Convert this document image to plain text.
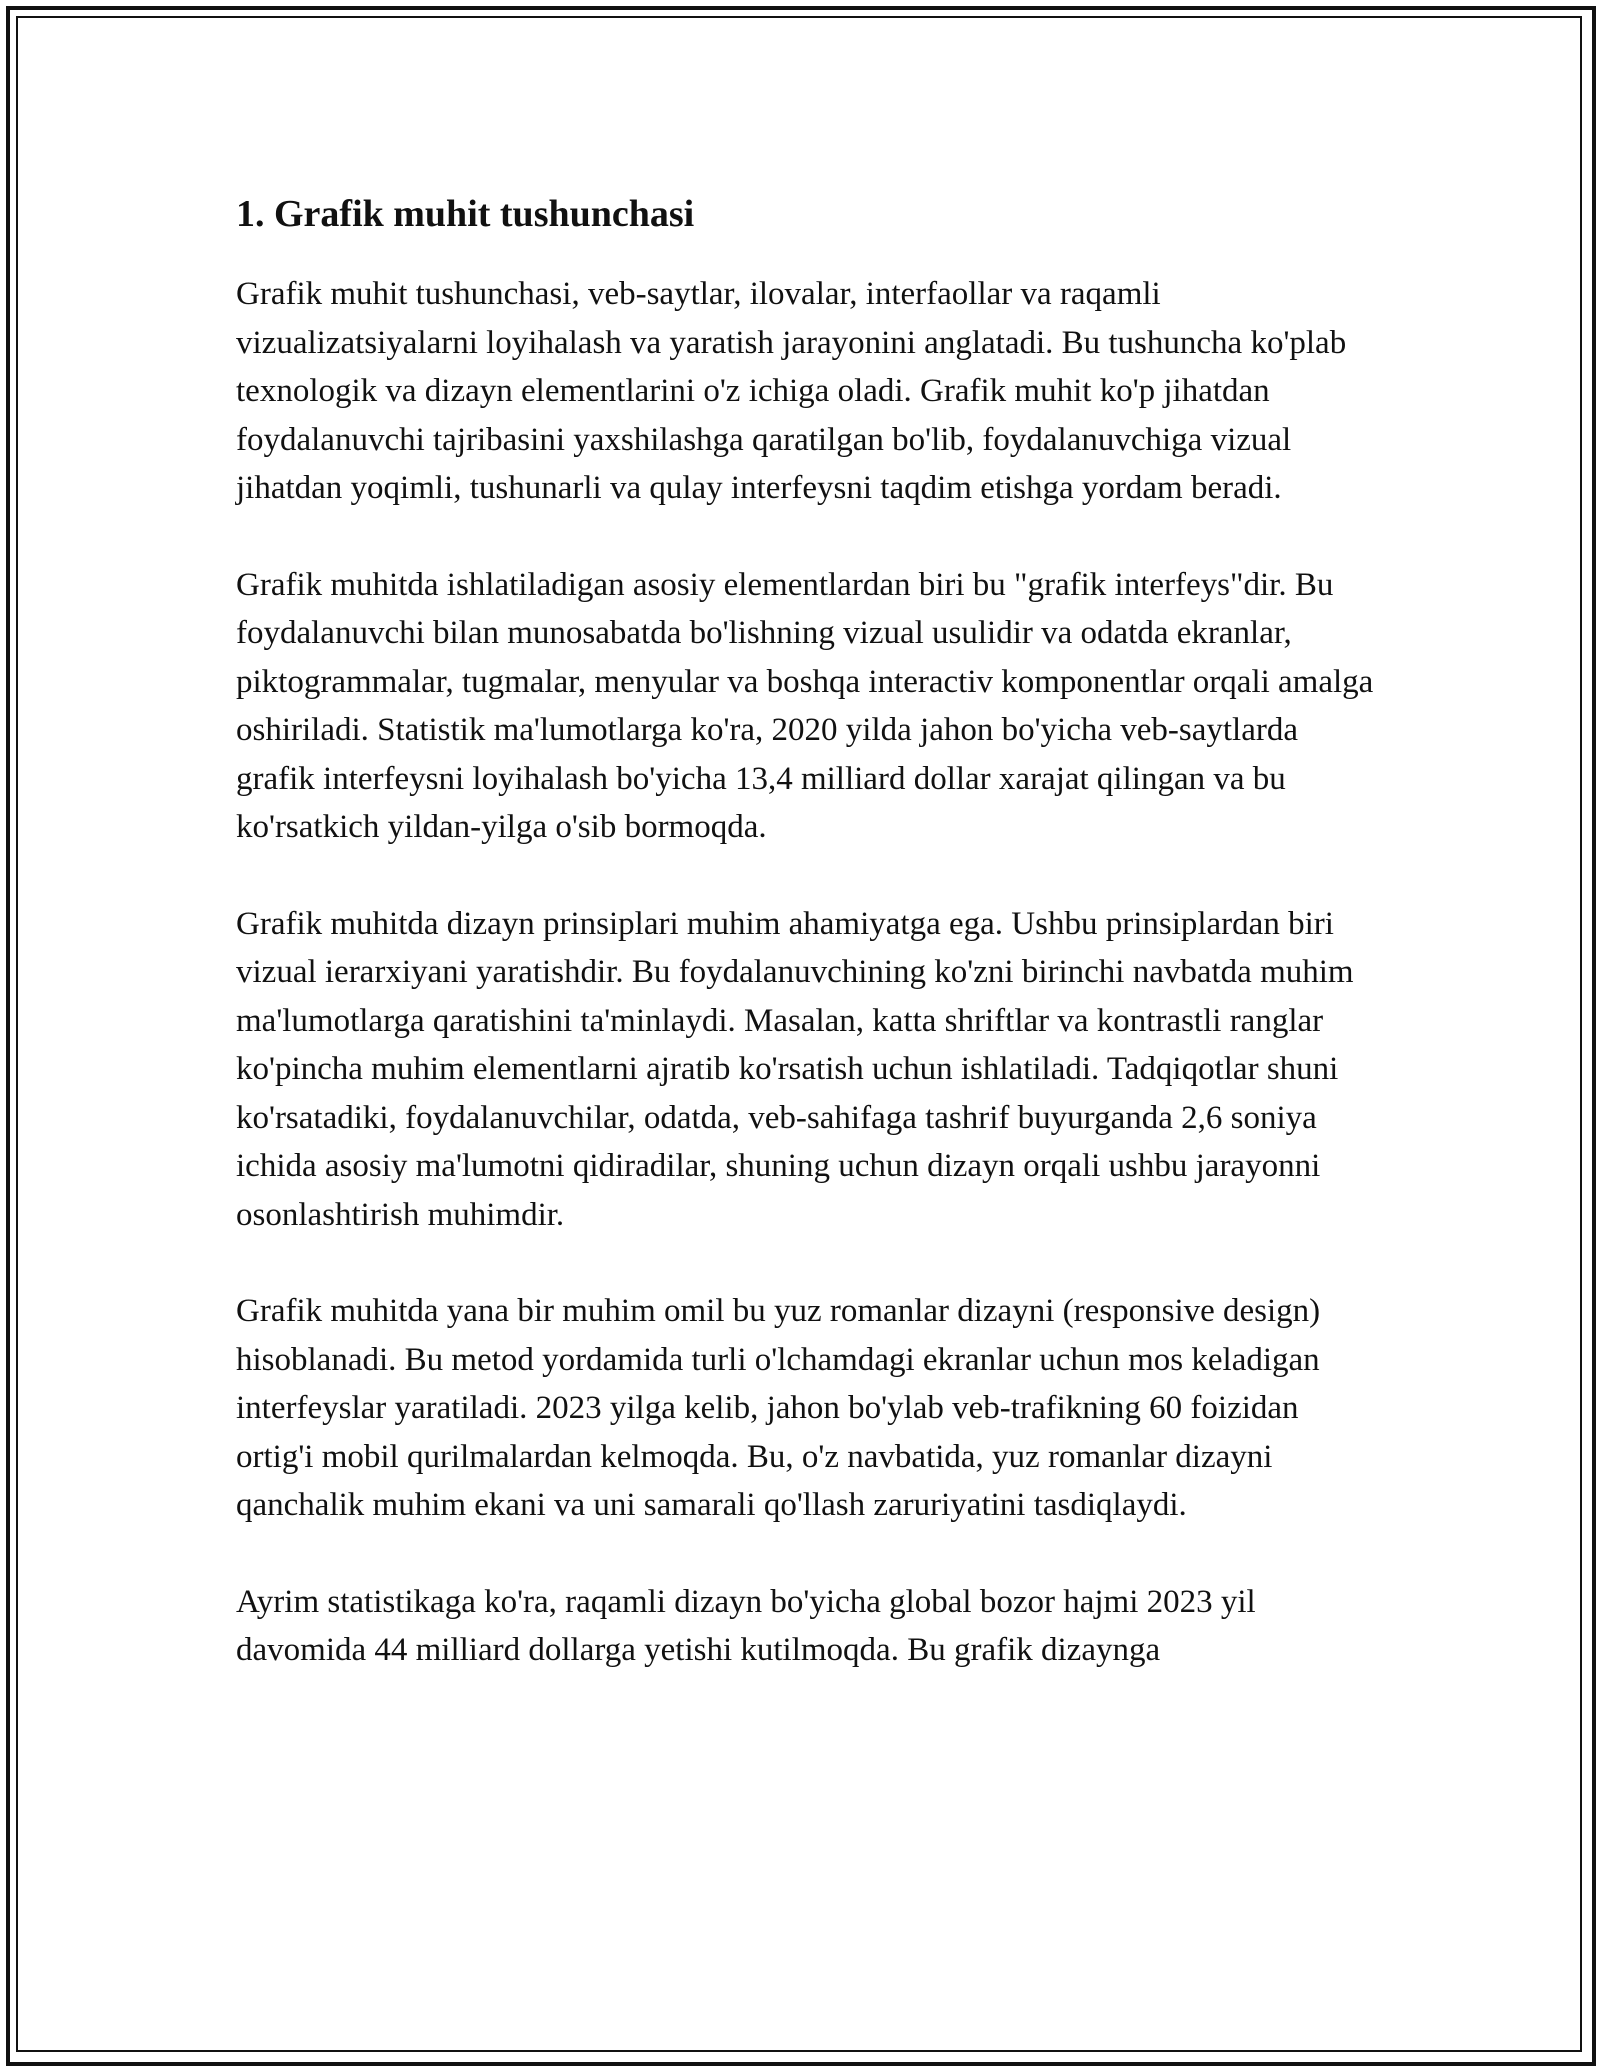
1. Grafik muhit tushunchasi

Grafik muhit tushunchasi, veb-saytlar, ilovalar, interfaollar va raqamli vizualizatsiyalarni loyihalash va yaratish jarayonini anglatadi. Bu tushuncha ko'plab texnologik va dizayn elementlarini o'z ichiga oladi. Grafik muhit ko'p jihatdan foydalanuvchi tajribasini yaxshilashga qaratilgan bo'lib, foydalanuvchiga vizual jihatdan yoqimli, tushunarli va qulay interfeysni taqdim etishga yordam beradi.

Grafik muhitda ishlatiladigan asosiy elementlardan biri bu "grafik interfeys"dir. Bu foydalanuvchi bilan munosabatda bo'lishning vizual usulidir va odatda ekranlar, piktogrammalar, tugmalar, menyular va boshqa interactiv komponentlar orqali amalga oshiriladi. Statistik ma'lumotlarga ko'ra, 2020 yilda jahon bo'yicha veb-saytlarda grafik interfeysni loyihalash bo'yicha 13,4 milliard dollar xarajat qilingan va bu ko'rsatkich yildan-yilga o'sib bormoqda.

Grafik muhitda dizayn prinsiplari muhim ahamiyatga ega. Ushbu prinsiplardan biri vizual ierarxiyani yaratishdir. Bu foydalanuvchining ko'zni birinchi navbatda muhim ma'lumotlarga qaratishini ta'minlaydi. Masalan, katta shriftlar va kontrastli ranglar ko'pincha muhim elementlarni ajratib ko'rsatish uchun ishlatiladi. Tadqiqotlar shuni ko'rsatadiki, foydalanuvchilar, odatda, veb-sahifaga tashrif buyurganda 2,6 soniya ichida asosiy ma'lumotni qidiradilar, shuning uchun dizayn orqali ushbu jarayonni osonlashtirish muhimdir.

Grafik muhitda yana bir muhim omil bu yuz romanlar dizayni (responsive design) hisoblanadi. Bu metod yordamida turli o'lchamdagi ekranlar uchun mos keladigan interfeyslar yaratiladi. 2023 yilga kelib, jahon bo'ylab veb-trafikning 60 foizidan ortig'i mobil qurilmalardan kelmoqda. Bu, o'z navbatida, yuz romanlar dizayni qanchalik muhim ekani va uni samarali qo'llash zaruriyatini tasdiqlaydi.

Ayrim statistikaga ko'ra, raqamli dizayn bo'yicha global bozor hajmi 2023 yil davomida 44 milliard dollarga yetishi kutilmoqda. Bu grafik dizaynga
